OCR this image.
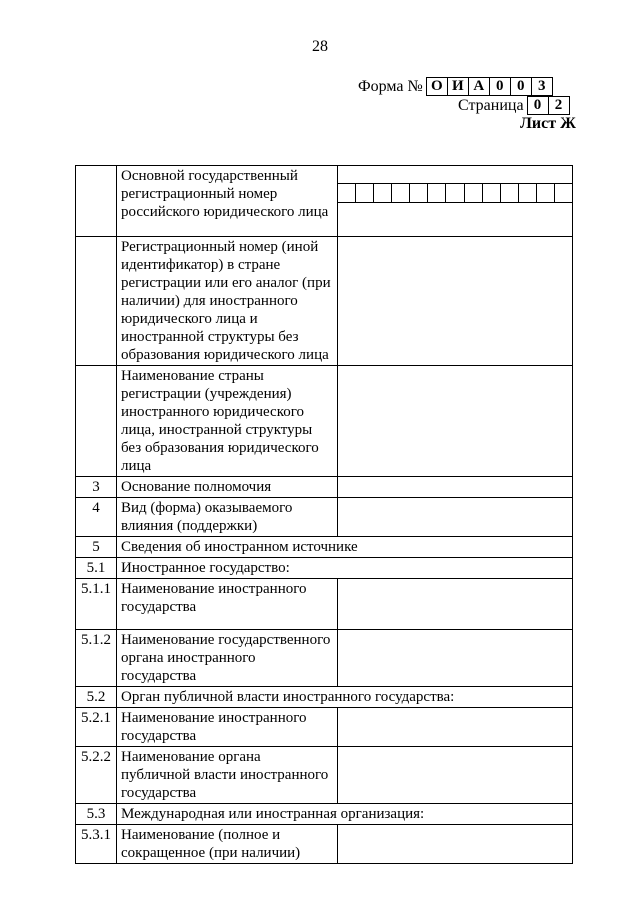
28
Форма № О И А 0 0 3
Страница 0 2
Лист Ж
	Основной государственный регистрационный номер российского юридического лица	

	Регистрационный номер (иной идентификатор) в стране регистрации или его аналог (при наличии) для иностранного юридического лица и иностранной структуры без образования юридического лица	
	Наименование страны регистрации (учреждения) иностранного юридического лица, иностранной структуры без образования юридического лица	
3	Основание полномочия	
4	Вид (форма) оказываемого влияния (поддержки)	
5	Сведения об иностранном источнике	
5.1	Иностранное государство:	
5.1.1	Наименование иностранного государства	
5.1.2	Наименование государственного органа иностранного государства	
5.2	Орган публичной власти иностранного государства:	
5.2.1	Наименование иностранного государства	
5.2.2	Наименование органа публичной власти иностранного государства	
5.3	Международная или иностранная организация:	
5.3.1	Наименование (полное и сокращенное (при наличии)	
